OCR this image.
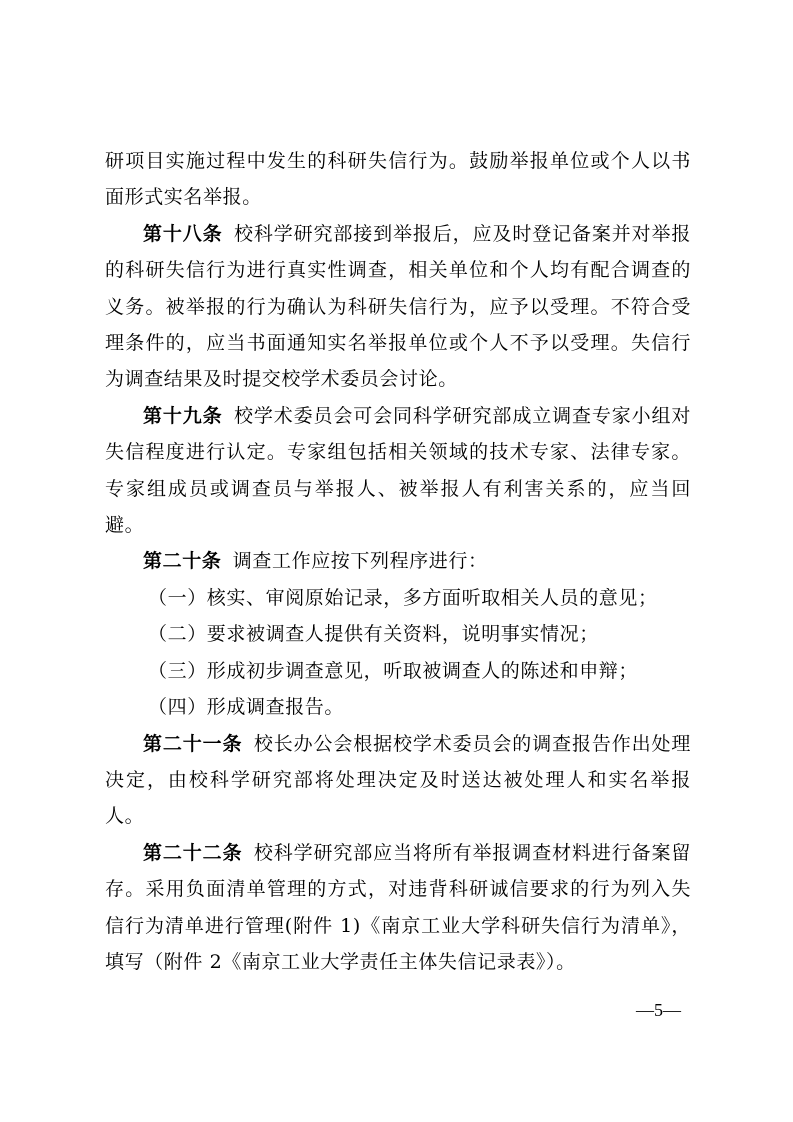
研项目实施过程中发生的科研失信行为。鼓励举报单位或个人以书面形式实名举报。

第十八条 校科学研究部接到举报后，应及时登记备案并对举报的科研失信行为进行真实性调查，相关单位和个人均有配合调查的义务。被举报的行为确认为科研失信行为，应予以受理。不符合受理条件的，应当书面通知实名举报单位或个人不予以受理。失信行为调查结果及时提交校学术委员会讨论。

第十九条 校学术委员会可会同科学研究部成立调查专家小组对失信程度进行认定。专家组包括相关领域的技术专家、法律专家。专家组成员或调查员与举报人、被举报人有利害关系的，应当回避。

第二十条 调查工作应按下列程序进行：

（一）核实、审阅原始记录，多方面听取相关人员的意见；

（二）要求被调查人提供有关资料，说明事实情况；

（三）形成初步调查意见，听取被调查人的陈述和申辩；

（四）形成调查报告。

第二十一条 校长办公会根据校学术委员会的调查报告作出处理决定，由校科学研究部将处理决定及时送达被处理人和实名举报人。

第二十二条 校科学研究部应当将所有举报调查材料进行备案留存。采用负面清单管理的方式，对违背科研诚信要求的行为列入失信行为清单进行管理(附件 1)《南京工业大学科研失信行为清单》，填写（附件 2《南京工业大学责任主体失信记录表》）。

—5—
